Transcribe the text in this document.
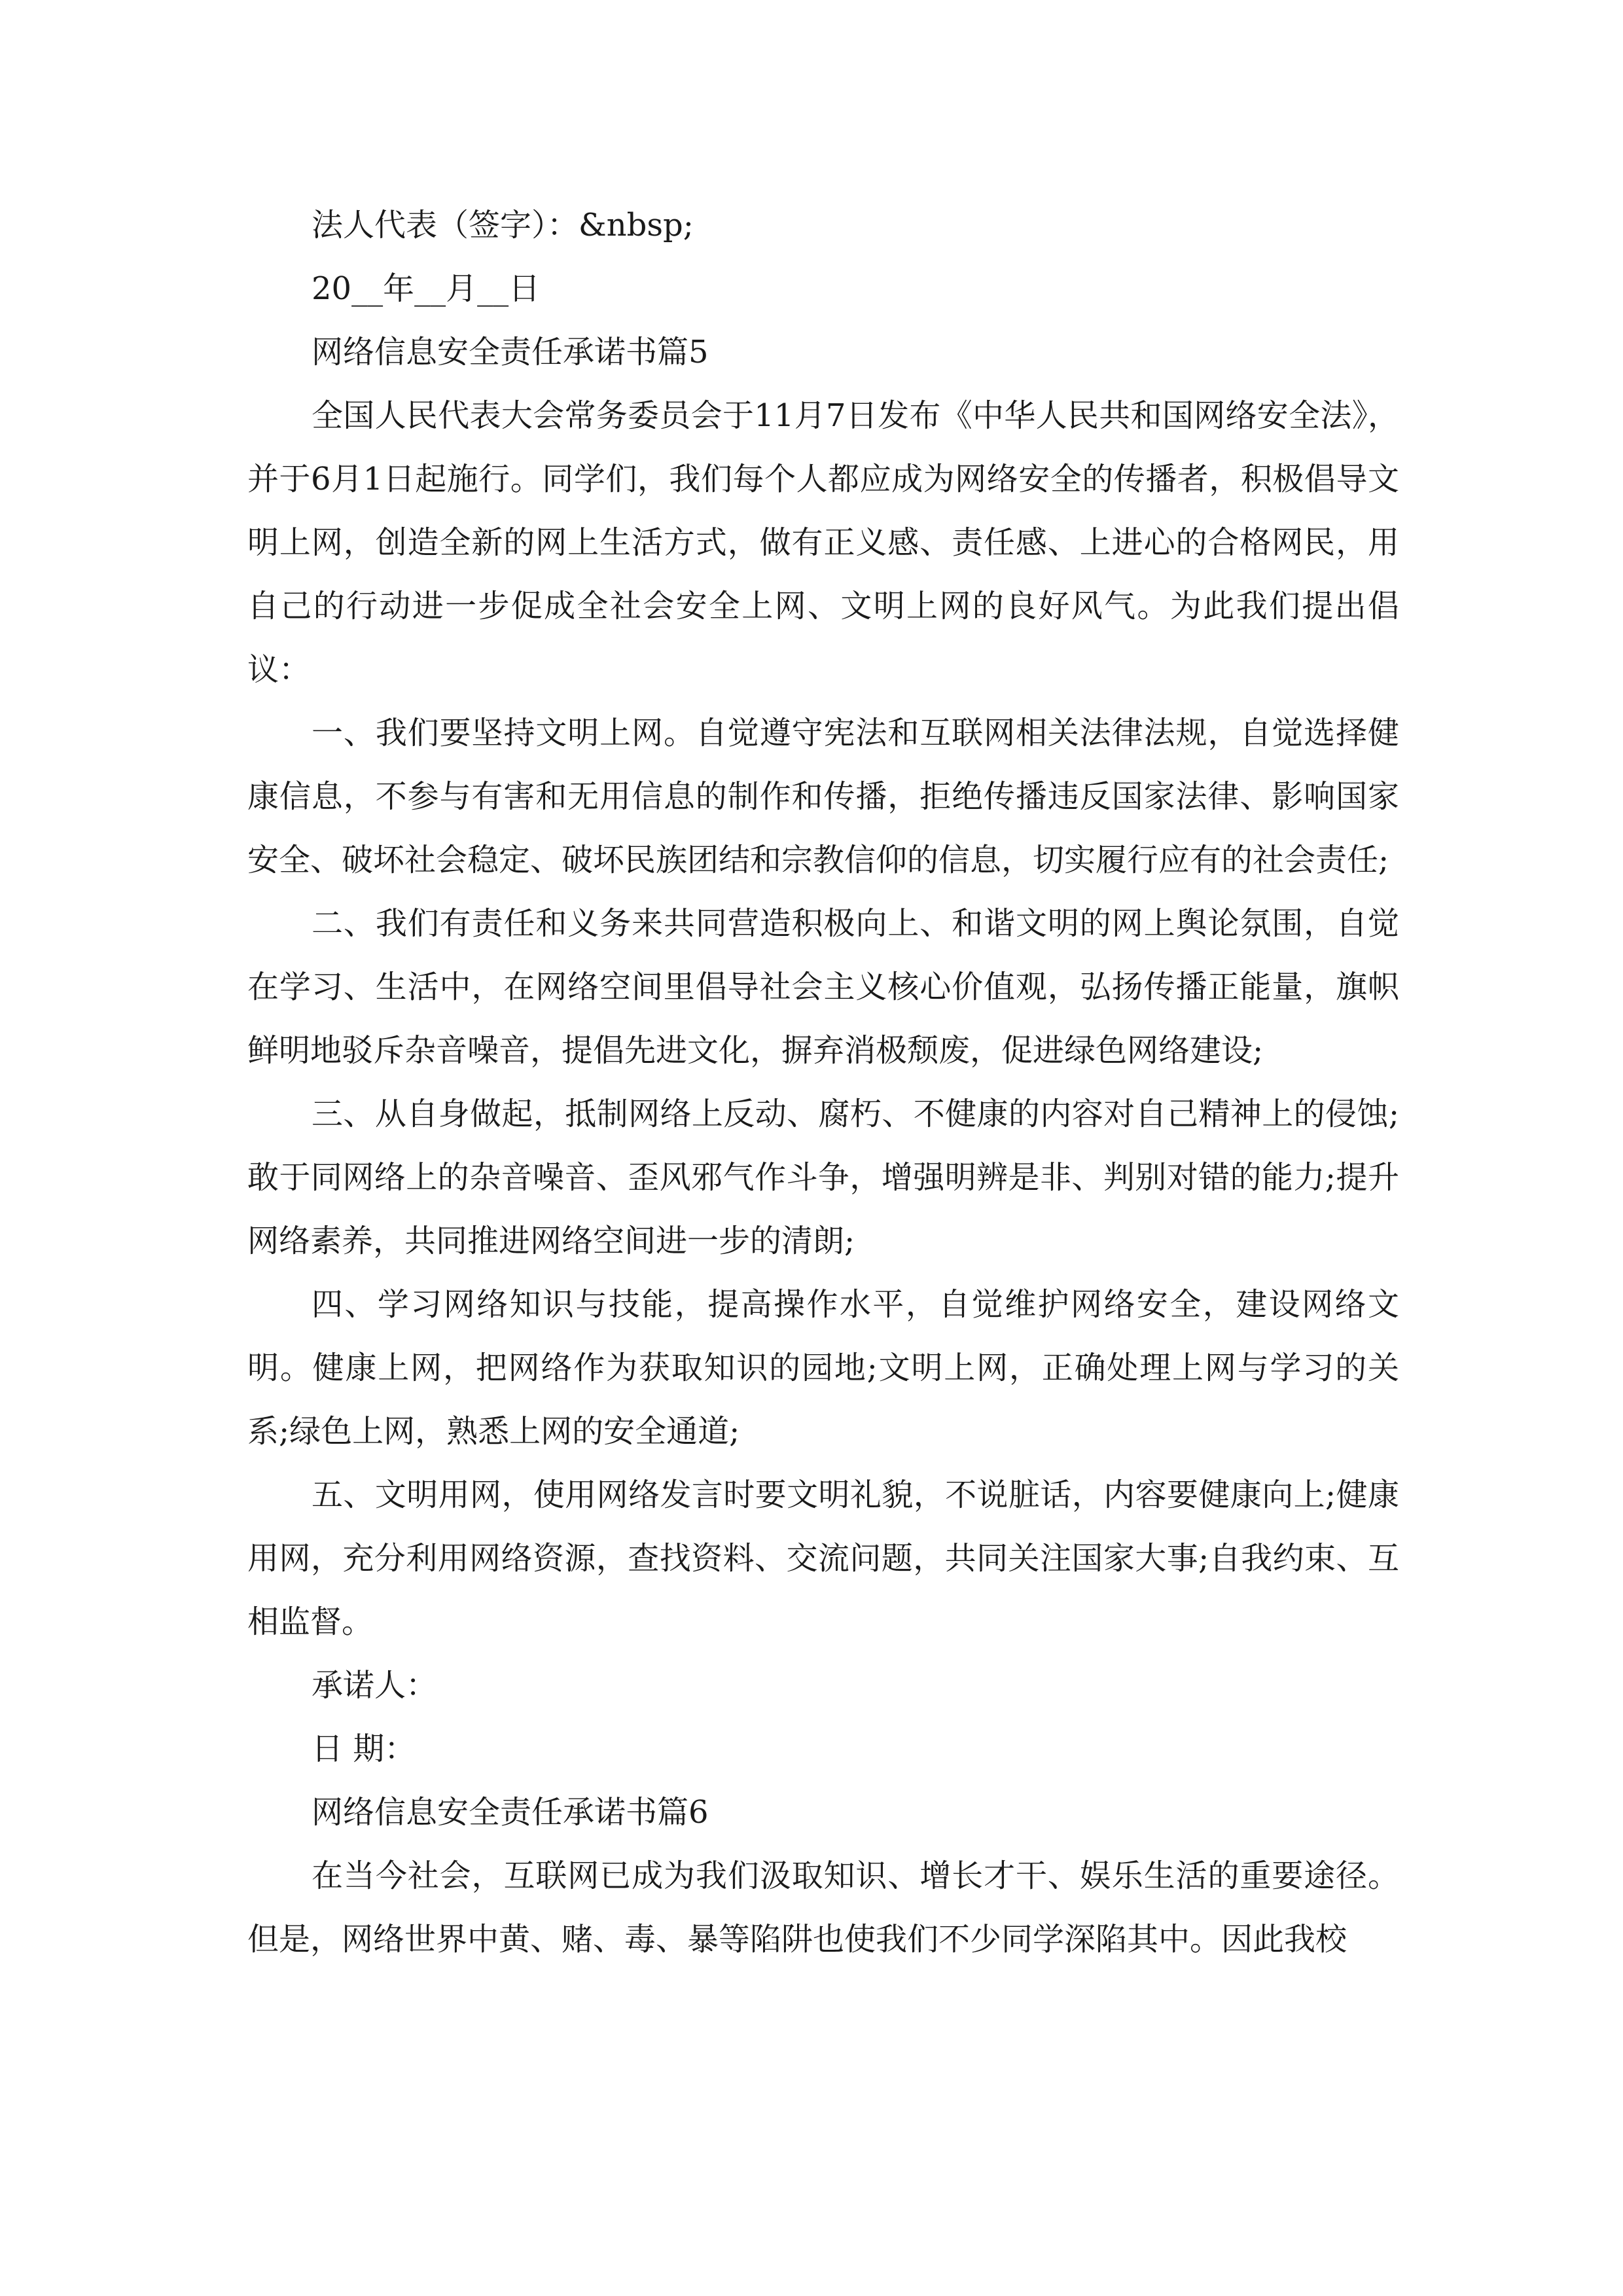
法人代表（签字）：&nbsp;

20__年__月__日

网络信息安全责任承诺书篇5

全国人民代表大会常务委员会于11月7日发布《中华人民共和国网络安全法》，并于6月1日起施行。同学们，我们每个人都应成为网络安全的传播者，积极倡导文明上网，创造全新的网上生活方式，做有正义感、责任感、上进心的合格网民，用自己的行动进一步促成全社会安全上网、文明上网的良好风气。为此我们提出倡议：

一、我们要坚持文明上网。自觉遵守宪法和互联网相关法律法规，自觉选择健康信息，不参与有害和无用信息的制作和传播，拒绝传播违反国家法律、影响国家安全、破坏社会稳定、破坏民族团结和宗教信仰的信息，切实履行应有的社会责任;

二、我们有责任和义务来共同营造积极向上、和谐文明的网上舆论氛围，自觉在学习、生活中，在网络空间里倡导社会主义核心价值观，弘扬传播正能量，旗帜鲜明地驳斥杂音噪音，提倡先进文化，摒弃消极颓废，促进绿色网络建设;

三、从自身做起，抵制网络上反动、腐朽、不健康的内容对自己精神上的侵蚀;敢于同网络上的杂音噪音、歪风邪气作斗争，增强明辨是非、判别对错的能力;提升网络素养，共同推进网络空间进一步的清朗;

四、学习网络知识与技能，提高操作水平，自觉维护网络安全，建设网络文明。健康上网，把网络作为获取知识的园地;文明上网，正确处理上网与学习的关系;绿色上网，熟悉上网的安全通道;

五、文明用网，使用网络发言时要文明礼貌，不说脏话，内容要健康向上;健康用网，充分利用网络资源，查找资料、交流问题，共同关注国家大事;自我约束、互相监督。

承诺人：

日 期：

网络信息安全责任承诺书篇6

在当今社会，互联网已成为我们汲取知识、增长才干、娱乐生活的重要途径。但是，网络世界中黄、赌、毒、暴等陷阱也使我们不少同学深陷其中。因此我校
